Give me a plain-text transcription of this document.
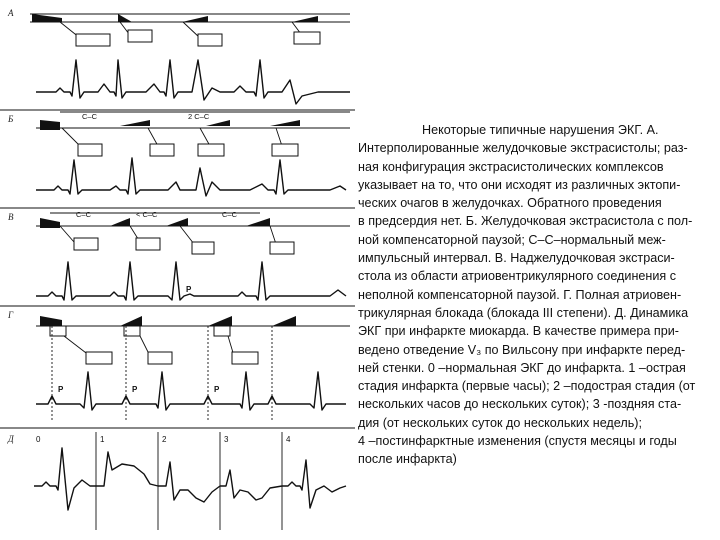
А
Б
В
Г
Д
C–C	2 C–C
C–C	< C–C	C–C
P
P	P	P
0	1	2	3	4
Некоторые типичные нарушения ЭКГ. А.
Интерполированные желудочковые экстрасистолы; раз-
ная конфигурация экстрасистолических комплексов
указывает на то, что они исходят из различных эктопи-
ческих очагов в желудочках. Обратного проведения
в предсердия нет. Б. Желудочковая экстрасистола с пол-
ной компенсаторной паузой; С–С–нормальный меж-
импульсный интервал. В. Наджелудочковая экстраси-
стола из области атриовентрикулярного соединения с
неполной компенсаторной паузой. Г. Полная атриовен-
трикулярная блокада (блокада III степени). Д. Динамика
ЭКГ при инфаркте миокарда. В качестве примера при-
ведено отведение V₃ по Вильсону при инфаркте перед-
ней стенки. 0 –нормальная ЭКГ до инфаркта. 1 –острая
стадия инфаркта (первые часы); 2 –подострая стадия (от
нескольких часов до нескольких суток); 3 -поздняя ста-
дия (от нескольких суток до нескольких недель);
4 –постинфарктные изменения (спустя месяцы и годы
после инфаркта)
